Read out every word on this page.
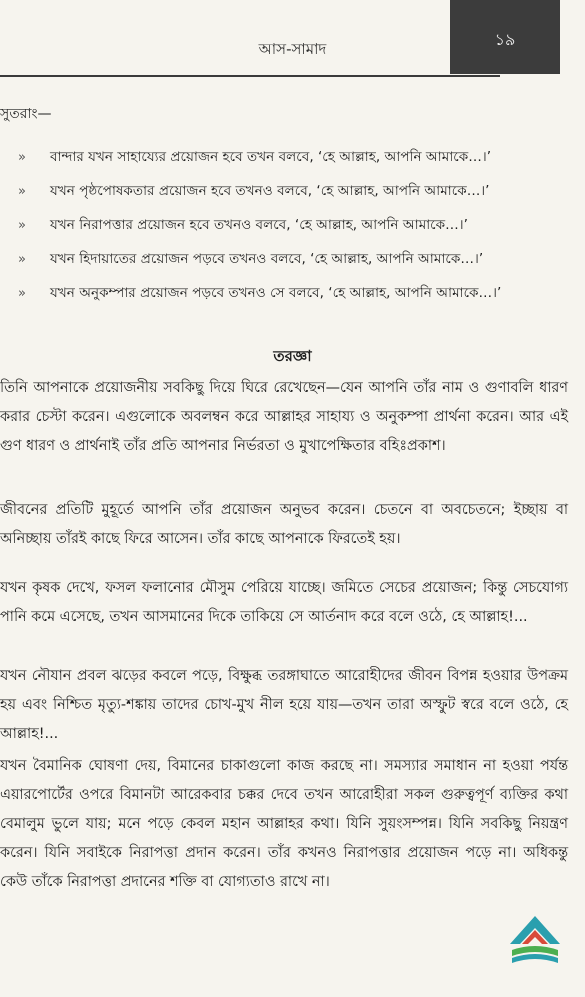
১৯
আস-সামাদ
সুতরাং—
»	বান্দার যখন সাহায্যের প্রয়োজন হবে তখন বলবে, ‘হে আল্লাহ, আপনি আমাকে…।’
»	যখন পৃষ্ঠপোষকতার প্রয়োজন হবে তখনও বলবে, ‘হে আল্লাহ, আপনি আমাকে…।’
»	যখন নিরাপত্তার প্রয়োজন হবে তখনও বলবে, ‘হে আল্লাহ, আপনি আমাকে…।’
»	যখন হিদায়াতের প্রয়োজন পড়বে তখনও বলবে, ‘হে আল্লাহ, আপনি আমাকে…।’
»	যখন অনুকম্পার প্রয়োজন পড়বে তখনও সে বলবে, ‘হে আল্লাহ, আপনি আমাকে…।’
তরজ্ঞা

তিনি আপনাকে প্রয়োজনীয় সবকিছু দিয়ে ঘিরে রেখেছেন—যেন আপনি তাঁর নাম ও গুণাবলি ধারণ করার চেস্টা করেন। এগুলোকে অবলম্বন করে আল্লাহর সাহায্য ও অনুকম্পা প্রার্থনা করেন। আর এই গুণ ধারণ ও প্রার্থনাই তাঁর প্রতি আপনার নির্ভরতা ও মুখাপেক্ষিতার বহিঃপ্রকাশ।

জীবনের প্রতিটি মুহূর্তে আপনি তাঁর প্রয়োজন অনুভব করেন। চেতনে বা অবচেতনে; ইচ্ছায় বা অনিচ্ছায় তাঁরই কাছে ফিরে আসেন। তাঁর কাছে আপনাকে ফিরতেই হয়।

যখন কৃষক দেখে, ফসল ফলানোর মৌসুম পেরিয়ে যাচ্ছে। জমিতে সেচের প্রয়োজন; কিন্তু সেচযোগ্য পানি কমে এসেছে, তখন আসমানের দিকে তাকিয়ে সে আর্তনাদ করে বলে ওঠে, হে আল্লাহ!...

যখন নৌযান প্রবল ঝড়ের কবলে পড়ে, বিক্ষুব্ধ তরঙ্গাঘাতে আরোহীদের জীবন বিপন্ন হওয়ার উপক্রম হয় এবং নিশ্চিত মৃত্যু-শঙ্কায় তাদের চোখ-মুখ নীল হয়ে যায়—তখন তারা অস্ফুট স্বরে বলে ওঠে, হে আল্লাহ!...

যখন বৈমানিক ঘোষণা দেয়, বিমানের চাকাগুলো কাজ করছে না। সমস্যার সমাধান না হওয়া পর্যন্ত এয়ারপোর্টের ওপরে বিমানটা আরেকবার চক্কর দেবে তখন আরোহীরা সকল গুরুত্বপূর্ণ ব্যক্তির কথা বেমালুম ভুলে যায়; মনে পড়ে কেবল মহান আল্লাহর কথা। যিনি সুয়ংসম্পন্ন। যিনি সবকিছু নিয়ন্ত্রণ করেন। যিনি সবাইকে নিরাপত্তা প্রদান করেন। তাঁর কখনও নিরাপত্তার প্রয়োজন পড়ে না। অধিকন্তু কেউ তাঁকে নিরাপত্তা প্রদানের শক্তি বা যোগ্যতাও রাখে না।
